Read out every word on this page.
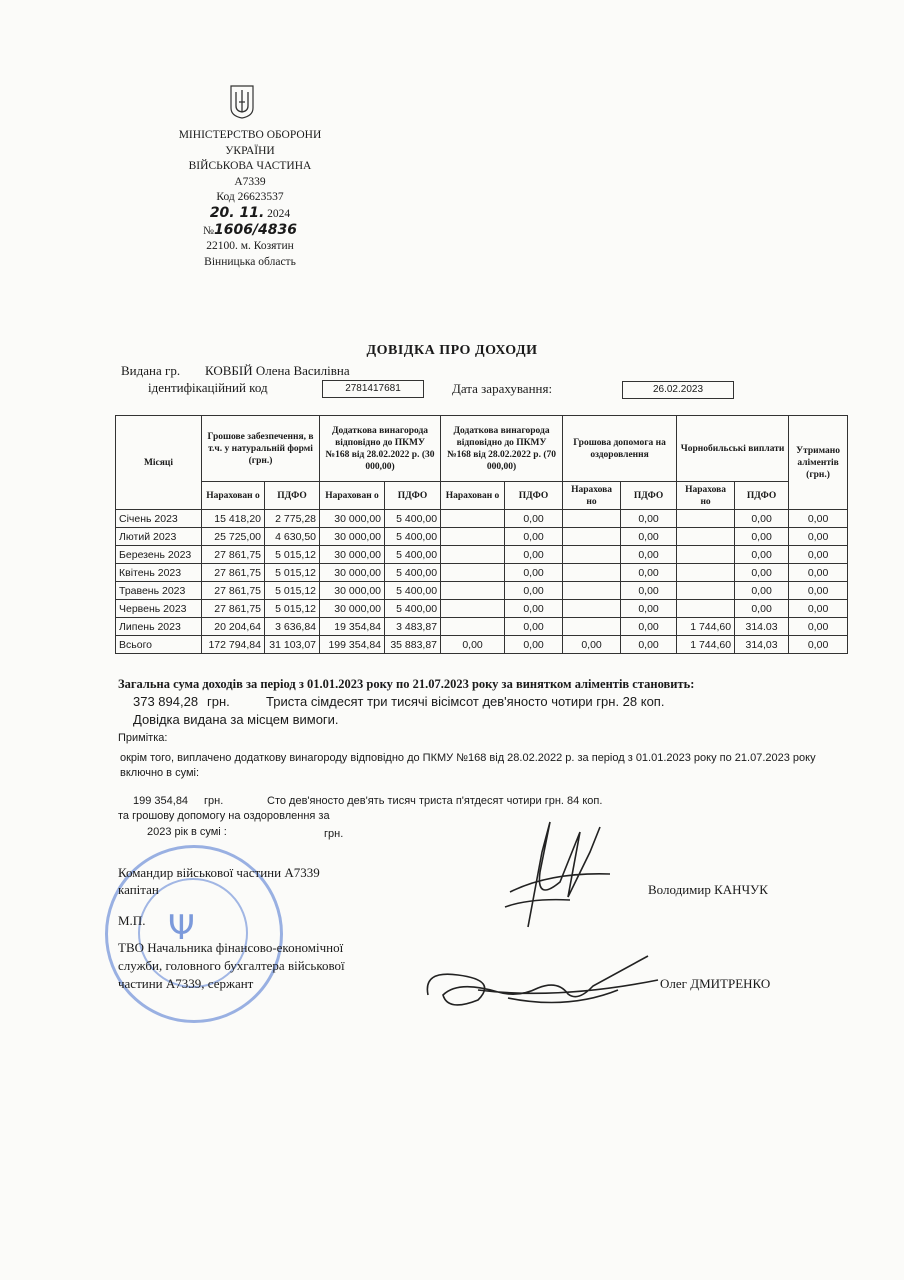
МІНІСТЕРСТВО ОБОРОНИ
УКРАЇНИ
ВІЙСЬКОВА ЧАСТИНА
А7339
Код 26623537
20. 11. 2024
№1606/4836
22100. м. Козятин
Вінницька область
ДОВІДКА ПРО ДОХОДИ
Видана гр. КОВБІЙ Олена Василівна
ідентифікаційний код	2781417681	Дата зарахування:	26.02.2023
Місяці	Грошове забезпечення, в т.ч. у натуральній формі (грн.)		Додаткова винагорода відповідно до ПКМУ №168 від 28.02.2022 р. (30 000,00)		Додаткова винагорода відповідно до ПКМУ №168 від 28.02.2022 р. (70 000,00)		Грошова допомога на оздоровлення		Чорнобильські виплати		Утримано аліментів (грн.)
	Нарахован о	ПДФО	Нарахован о	ПДФО	Нарахован о	ПДФО	Нарахова но	ПДФО	Нарахова но	ПДФО	
Січень 2023	15 418,20	2 775,28	30 000,00	5 400,00		0,00		0,00		0,00	0,00
Лютий 2023	25 725,00	4 630,50	30 000,00	5 400,00		0,00		0,00		0,00	0,00
Березень 2023	27 861,75	5 015,12	30 000,00	5 400,00		0,00		0,00		0,00	0,00
Квітень 2023	27 861,75	5 015,12	30 000,00	5 400,00		0,00		0,00		0,00	0,00
Травень 2023	27 861,75	5 015,12	30 000,00	5 400,00		0,00		0,00		0,00	0,00
Червень 2023	27 861,75	5 015,12	30 000,00	5 400,00		0,00		0,00		0,00	0,00
Липень 2023	20 204,64	3 636,84	19 354,84	3 483,87		0,00		0,00	1 744,60	314.03	0,00
Всього	172 794,84	31 103,07	199 354,84	35 883,87	0,00	0,00	0,00	0,00	1 744,60	314,03	0,00
Загальна сума доходів за період з 01.01.2023 року по 21.07.2023 року за винятком аліментів становить:
373 894,28 грн.	Триста сімдесят три тисячі вісімсот дев'яносто чотири грн. 28 коп.
Довідка видана за місцем вимоги.
Примітка:
окрім того, виплачено додаткову винагороду відповідно до ПКМУ №168 від 28.02.2022 р. за період з 01.01.2023 року по 21.07.2023 року
включно в сумі:
199 354,84 грн.	Сто дев'яносто дев'ять тисяч триста п'ятдесят чотири грн. 84 коп.
та грошову допомогу на оздоровлення за
2023 рік в сумі :	грн.
Ψ
Командир військової частини А7339
капітан	Володимир КАНЧУК
М.П.
ТВО Начальника фінансово-економічної
служби, головного бухгалтера військової
частини А7339, сержант	Олег ДМИТРЕНКО
